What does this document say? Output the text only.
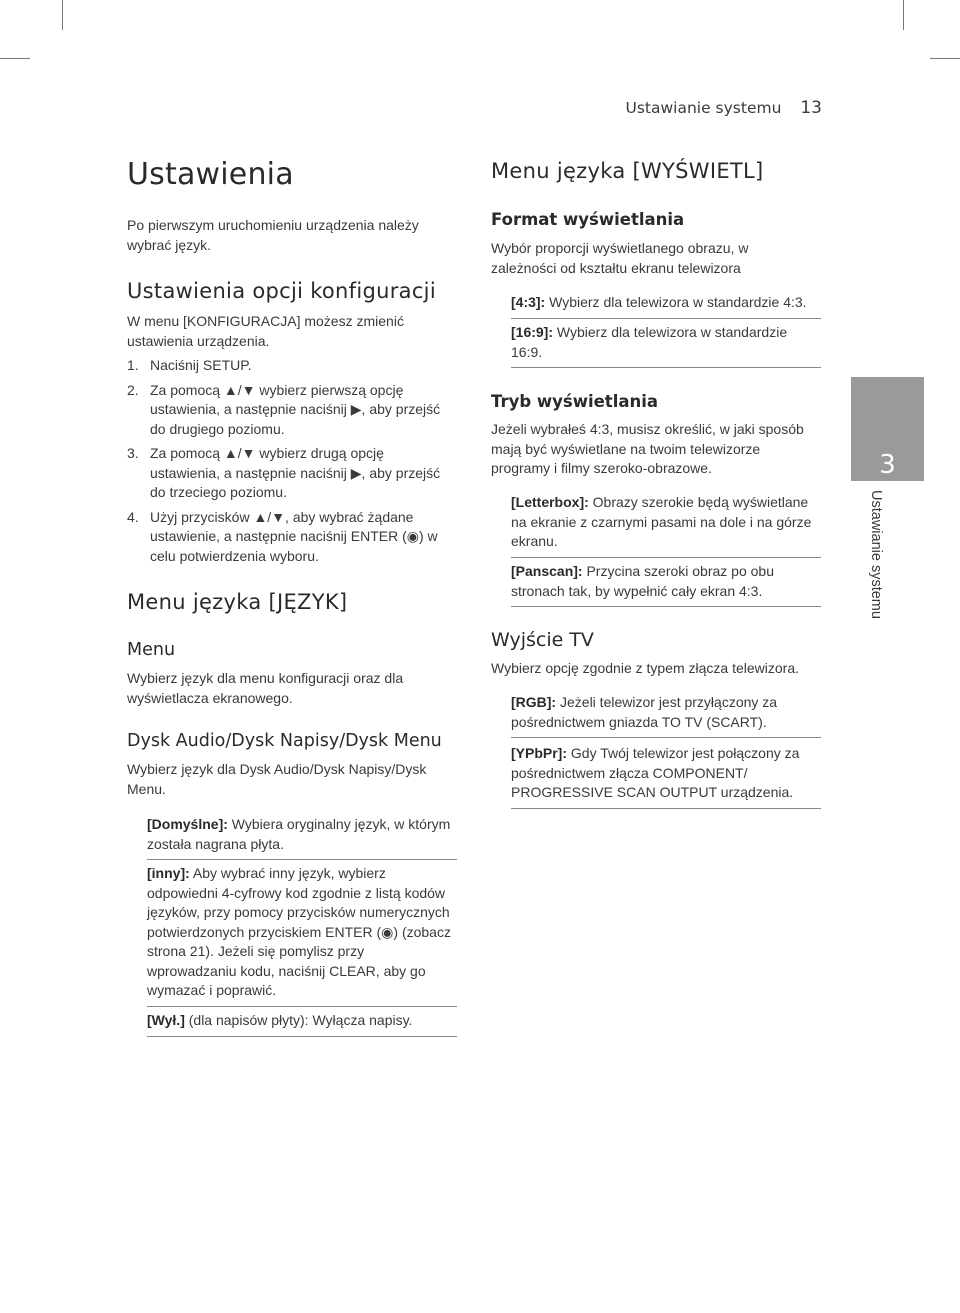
Ustawianie systemu 13
Ustawienia

Po pierwszym uruchomieniu urządzenia należy wybrać język.

Ustawienia opcji konfiguracji

W menu [KONFIGURACJA] możesz zmienić ustawienia urządzenia.

1. Naciśnij SETUP.
2. Za pomocą ▲/▼ wybierz pierwszą opcję ustawienia, a następnie naciśnij ▶, aby przejść do drugiego poziomu.
3. Za pomocą ▲/▼ wybierz drugą opcję ustawienia, a następnie naciśnij ▶, aby przejść do trzeciego poziomu.
4. Użyj przycisków ▲/▼, aby wybrać żądane ustawienie, a następnie naciśnij ENTER (◉) w celu potwierdzenia wyboru.
Menu języka [JĘZYK]
Menu

Wybierz język dla menu konfiguracji oraz dla wyświetlacza ekranowego.

Dysk Audio/Dysk Napisy/Dysk Menu

Wybierz język dla Dysk Audio/Dysk Napisy/Dysk Menu.

[Domyślne]: Wybiera oryginalny język, w którym została nagrana płyta.
[inny]: Aby wybrać inny język, wybierz odpowiedni 4-cyfrowy kod zgodnie z listą kodów języków, przy pomocy przycisków numerycznych potwierdzonych przyciskiem ENTER (◉) (zobacz strona 21). Jeżeli się pomylisz przy wprowadzaniu kodu, naciśnij CLEAR, aby go wymazać i poprawić.
[Wył.] (dla napisów płyty): Wyłącza napisy.
Menu języka [WYŚWIETL]
Format wyświetlania

Wybór proporcji wyświetlanego obrazu, w zależności od kształtu ekranu telewizora

[4:3]: Wybierz dla telewizora w standardzie 4:3.
[16:9]: Wybierz dla telewizora w standardzie 16:9.
Tryb wyświetlania

Jeżeli wybrałeś 4:3, musisz określić, w jaki sposób mają być wyświetlane na twoim telewizorze programy i filmy szeroko-obrazowe.

[Letterbox]: Obrazy szerokie będą wyświetlane na ekranie z czarnymi pasami na dole i na górze ekranu.
[Panscan]: Przycina szeroki obraz po obu stronach tak, by wypełnić cały ekran 4:3.
Wyjście TV

Wybierz opcję zgodnie z typem złącza telewizora.

[RGB]: Jeżeli telewizor jest przyłączony za pośrednictwem gniazda TO TV (SCART).
[YPbPr]: Gdy Twój telewizor jest połączony za pośrednictwem złącza COMPONENT/ PROGRESSIVE SCAN OUTPUT urządzenia.
3
Ustawianie systemu
